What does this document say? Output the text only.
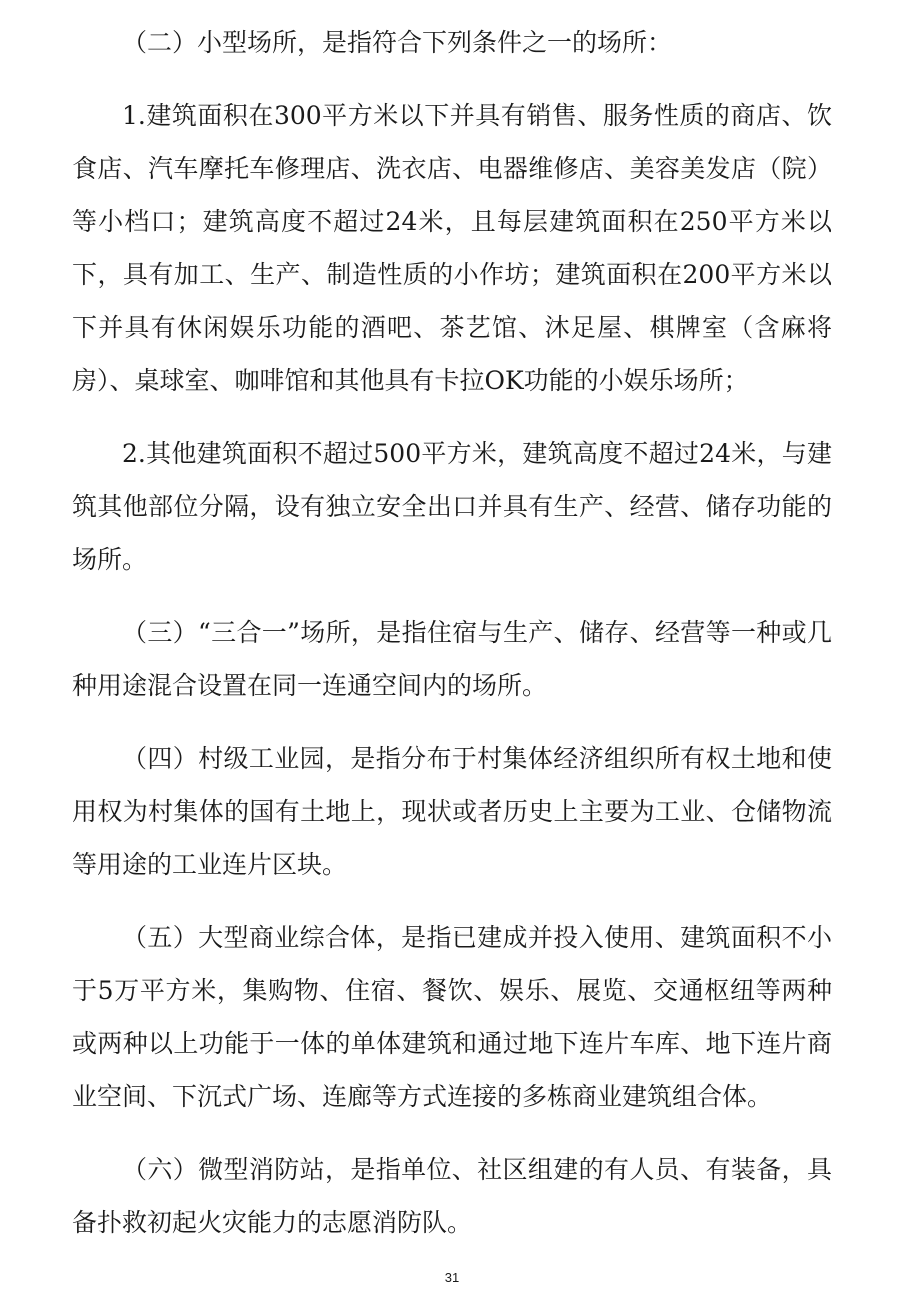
（二）小型场所，是指符合下列条件之一的场所：

1.建筑面积在300平方米以下并具有销售、服务性质的商店、饮食店、汽车摩托车修理店、洗衣店、电器维修店、美容美发店（院）等小档口；建筑高度不超过24米，且每层建筑面积在250平方米以下，具有加工、生产、制造性质的小作坊；建筑面积在200平方米以下并具有休闲娱乐功能的酒吧、茶艺馆、沐足屋、棋牌室（含麻将房）、桌球室、咖啡馆和其他具有卡拉OK功能的小娱乐场所；

2.其他建筑面积不超过500平方米，建筑高度不超过24米，与建筑其他部位分隔，设有独立安全出口并具有生产、经营、储存功能的场所。

（三）“三合一”场所，是指住宿与生产、储存、经营等一种或几种用途混合设置在同一连通空间内的场所。

（四）村级工业园，是指分布于村集体经济组织所有权土地和使用权为村集体的国有土地上，现状或者历史上主要为工业、仓储物流等用途的工业连片区块。

（五）大型商业综合体，是指已建成并投入使用、建筑面积不小于5万平方米，集购物、住宿、餐饮、娱乐、展览、交通枢纽等两种或两种以上功能于一体的单体建筑和通过地下连片车库、地下连片商业空间、下沉式广场、连廊等方式连接的多栋商业建筑组合体。

（六）微型消防站，是指单位、社区组建的有人员、有装备，具备扑救初起火灾能力的志愿消防队。

31
